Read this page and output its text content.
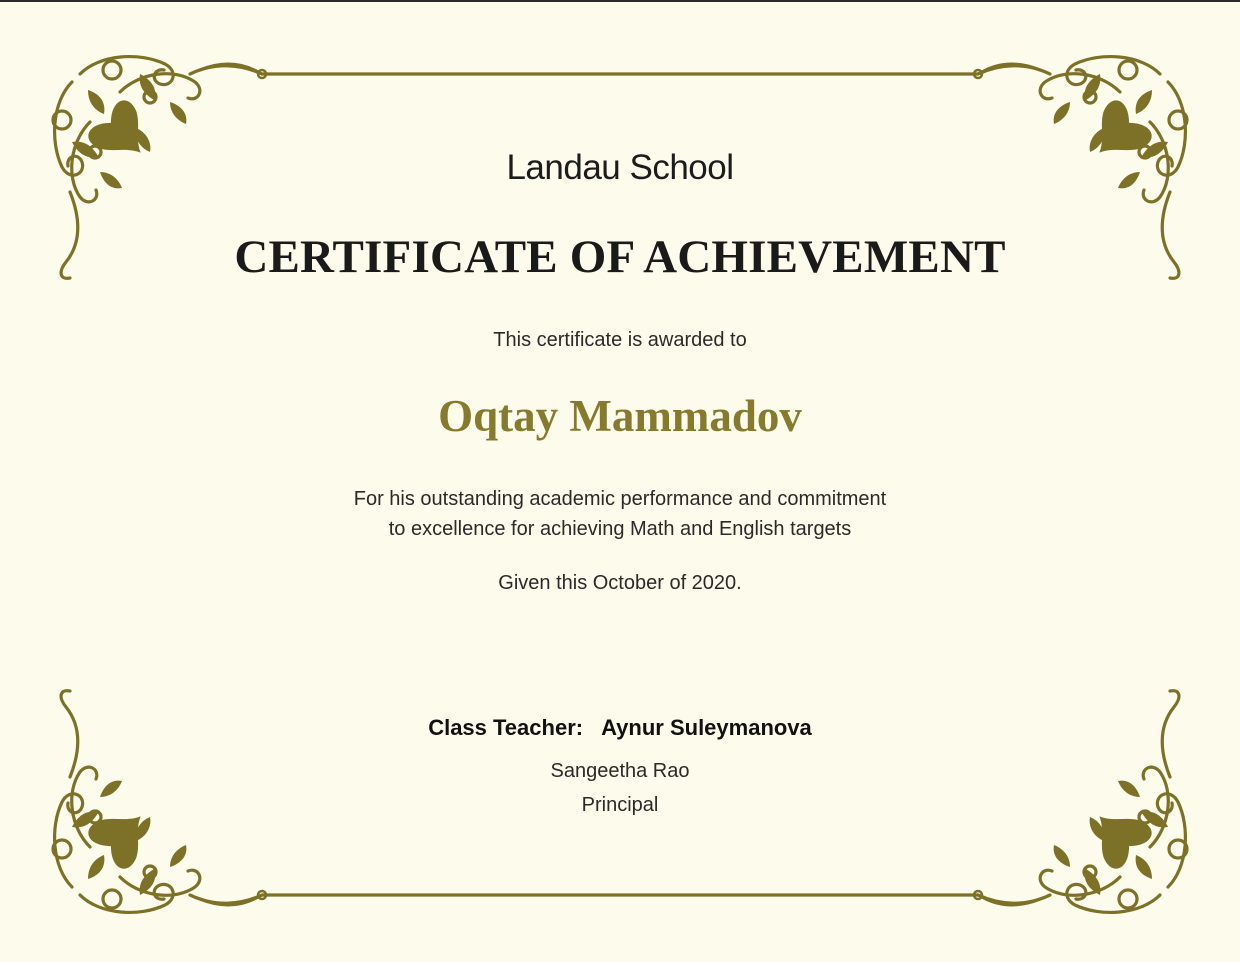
Landau School

CERTIFICATE OF ACHIEVEMENT

This certificate is awarded to

Oqtay Mammadov

For his outstanding academic performance and commitment
to excellence for achieving Math and English targets

Given this October of 2020.

Class Teacher: Aynur Suleymanova

Sangeetha Rao

Principal
